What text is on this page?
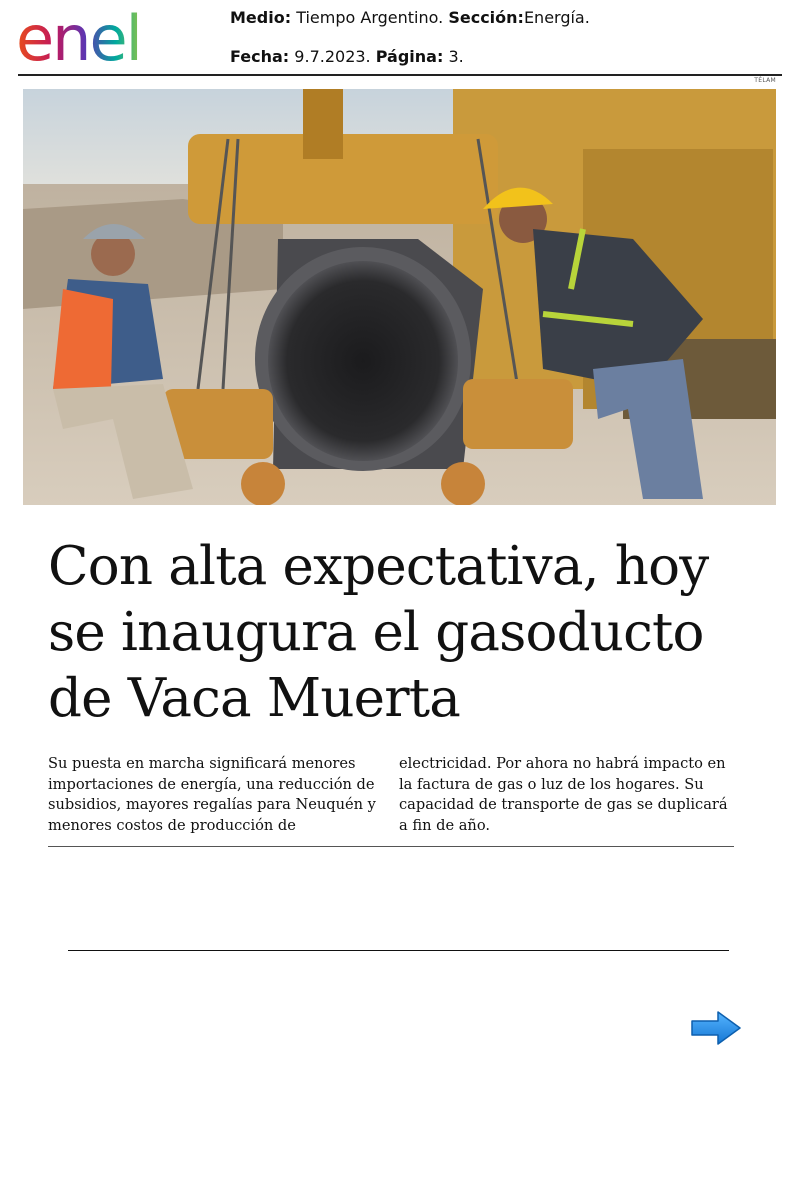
enel	Medio: Tiempo Argentino. Sección:Energía.
Fecha: 9.7.2023. Página: 3.
TÉLAM
Con alta expectativa, hoy se inaugura el gasoducto de Vaca Muerta

Su puesta en marcha significará menores importaciones de energía, una reducción de subsidios, mayores regalías para Neuquén y menores costos de producción de electricidad. Por ahora no habrá impacto en la factura de gas o luz de los hogares. Su capacidad de transporte de gas se duplicará a fin de año.
